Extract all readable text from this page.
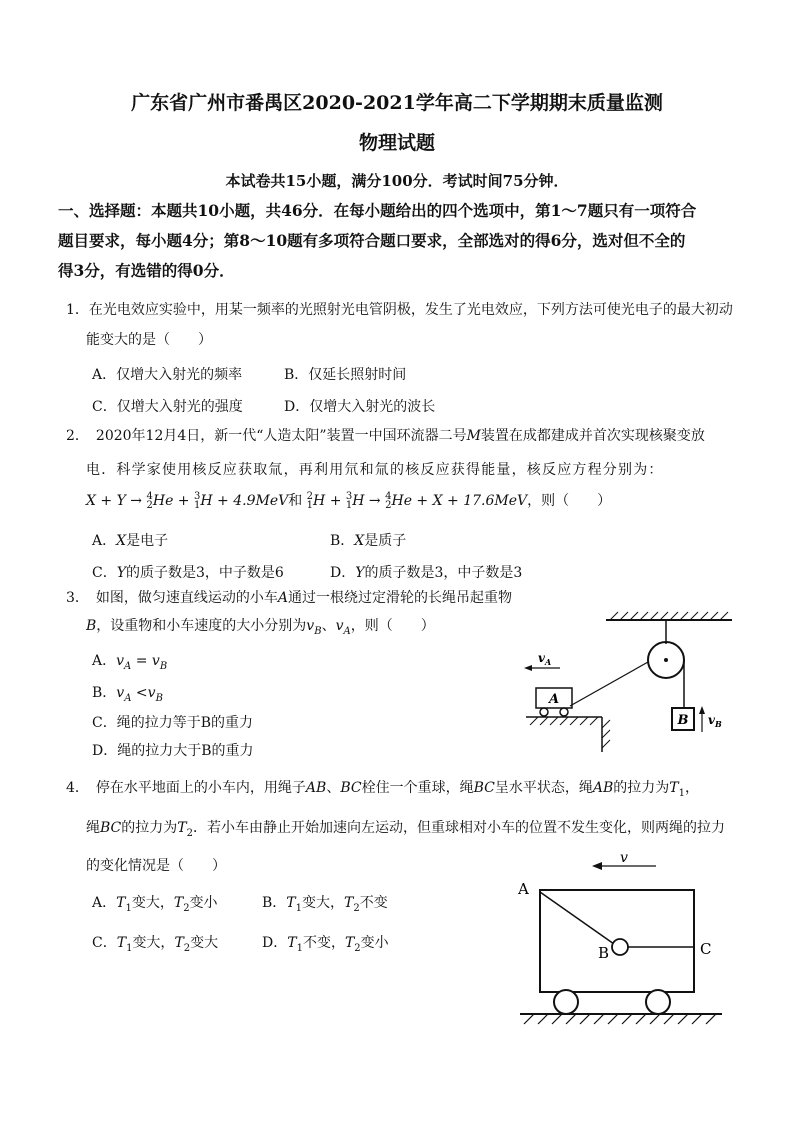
广东省广州市番禺区2020-2021学年高二下学期期末质量监测
物理试题
本试卷共15小题，满分100分．考试时间75分钟．
一、选择题：本题共10小题，共46分．在每小题给出的四个选项中，第1～7题只有一项符合
题目要求，每小题4分；第8～10题有多项符合题口要求，全部选对的得6分，选对但不全的
得3分，有选错的得0分．
1．在光电效应实验中，用某一频率的光照射光电管阴极，发生了光电效应，下列方法可使光电子的最大初动
能变大的是（　　）
A．仅增大入射光的频率	B．仅延长照射时间
C．仅增大入射光的强度	D．仅增大入射光的波长
2．　2020年12月4日，新一代“人造太阳”装置一中国环流器二号M装置在成都建成并首次实现核聚变放
电．科学家使用核反应获取氚，再利用氘和氚的核反应获得能量，核反应方程分别为：
X + Y → 4
2He + 3
1H + 4.9MeV和 2
1H + 3
1H → 4
2He + X + 17.6MeV，则（　　）
A．X是电子	B．X是质子
C．Y的质子数是3，中子数是6	D．Y的质子数是3，中子数是3
3．　如图，做匀速直线运动的小车A通过一根绕过定滑轮的长绳吊起重物
B，设重物和小车速度的大小分别为$v_B$、$v_A$，则（　　）
A．$v_A = v_B$
B．$v_A <v_B$
C．绳的拉力等于B的重力
D．绳的拉力大于B的重力
B $v_B$
A
$v_A$
4．　停在水平地面上的小车内，用绳子AB、BC栓住一个重球，绳BC呈水平状态，绳AB的拉力为$T_1$，
绳BC的拉力为$T_2$．若小车由静止开始加速向左运动，但重球相对小车的位置不发生变化，则两绳的拉力
的变化情况是（　　）
A．$T_1$变大，$T_2$变小	B．$T_1$变大，$T_2$不变
C．$T_1$变大，$T_2$变大	D．$T_1$不变，$T_2$变小
v
A
B	C
